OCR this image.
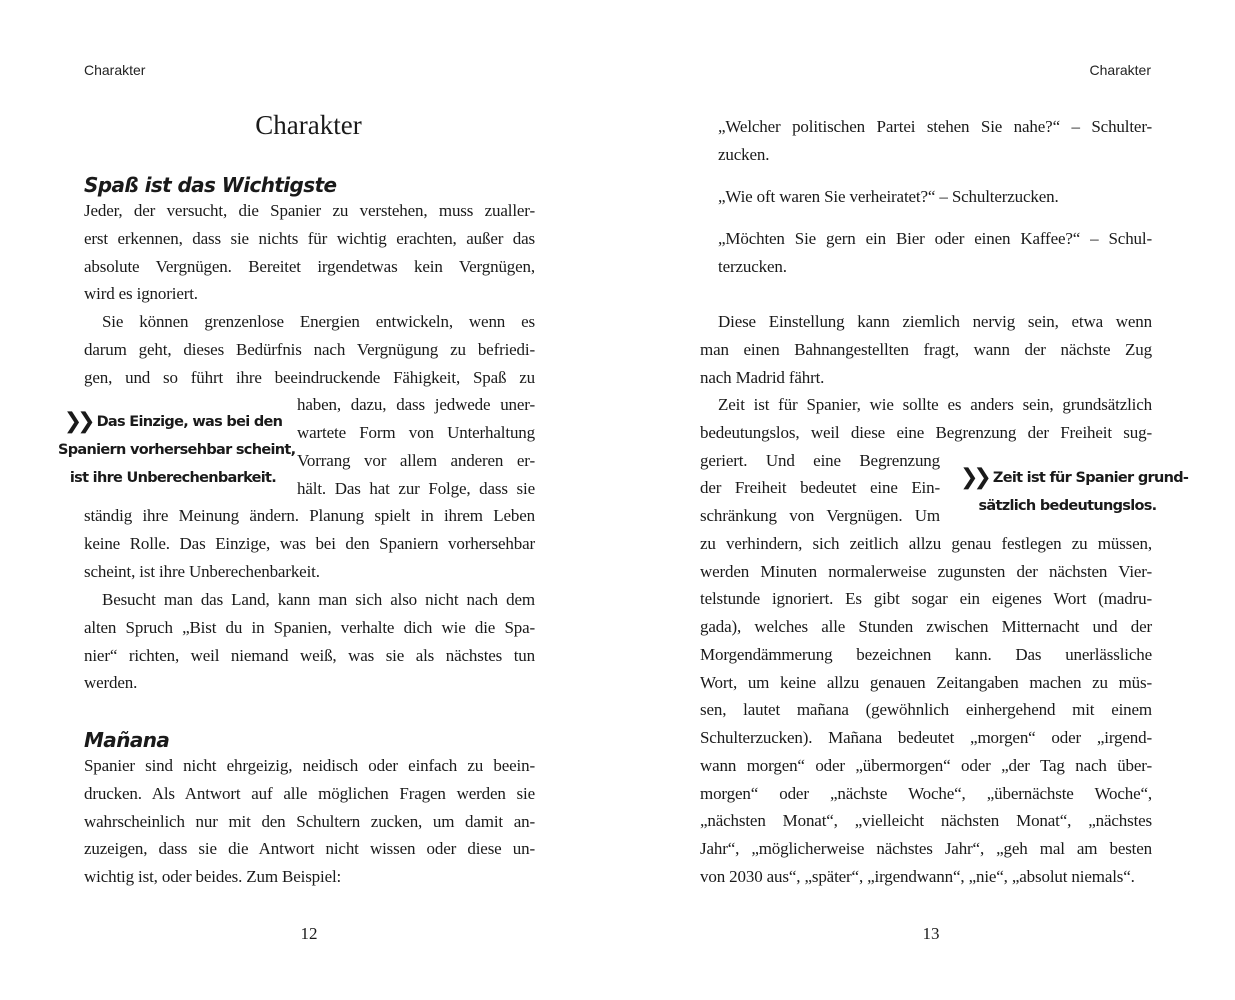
Charakter
Charakter
Spaß ist das Wichtigste
Mañana
❯❯ Das Einzige, was bei den
Spaniern vorhersehbar scheint,
ist ihre Unberechenbarkeit.
12
Jeder, der versucht, die Spanier zu verstehen, muss zualler-
erst erkennen, dass sie nichts für wichtig erachten, außer das
absolute Vergnügen. Bereitet irgendetwas kein Vergnügen,
wird es ignoriert.
Sie können grenzenlose Energien entwickeln, wenn es
darum geht, dieses Bedürfnis nach Vergnügung zu befriedi-
gen, und so führt ihre beeindruckende Fähigkeit, Spaß zu
haben, dazu, dass jedwede uner-
wartete Form von Unterhaltung
Vorrang vor allem anderen er-
hält. Das hat zur Folge, dass sie
ständig ihre Meinung ändern. Planung spielt in ihrem Leben
keine Rolle. Das Einzige, was bei den Spaniern vorhersehbar
scheint, ist ihre Unberechenbarkeit.
Besucht man das Land, kann man sich also nicht nach dem
alten Spruch „Bist du in Spanien, verhalte dich wie die Spa-
nier“ richten, weil niemand weiß, was sie als nächstes tun
werden.
Spanier sind nicht ehrgeizig, neidisch oder einfach zu beein-
drucken. Als Antwort auf alle möglichen Fragen werden sie
wahrscheinlich nur mit den Schultern zucken, um damit an-
zuzeigen, dass sie die Antwort nicht wissen oder diese un-
wichtig ist, oder beides. Zum Beispiel:
Charakter
❯❯ Zeit ist für Spanier grund-
sätzlich bedeutungslos.
13
„Welcher politischen Partei stehen Sie nahe?“ – Schulter-
zucken.
„Wie oft waren Sie verheiratet?“ – Schulterzucken.
„Möchten Sie gern ein Bier oder einen Kaffee?“ – Schul-
terzucken.
Diese Einstellung kann ziemlich nervig sein, etwa wenn
man einen Bahnangestellten fragt, wann der nächste Zug
nach Madrid fährt.
Zeit ist für Spanier, wie sollte es anders sein, grundsätzlich
bedeutungslos, weil diese eine Begrenzung der Freiheit sug-
geriert. Und eine Begrenzung
der Freiheit bedeutet eine Ein-
schränkung von Vergnügen. Um
zu verhindern, sich zeitlich allzu genau festlegen zu müssen,
werden Minuten normalerweise zugunsten der nächsten Vier-
telstunde ignoriert. Es gibt sogar ein eigenes Wort (madru-
gada), welches alle Stunden zwischen Mitternacht und der
Morgendämmerung bezeichnen kann. Das unerlässliche
Wort, um keine allzu genauen Zeitangaben machen zu müs-
sen, lautet mañana (gewöhnlich einhergehend mit einem
Schulterzucken). Mañana bedeutet „morgen“ oder „irgend-
wann morgen“ oder „übermorgen“ oder „der Tag nach über-
morgen“ oder „nächste Woche“, „übernächste Woche“,
„nächsten Monat“, „vielleicht nächsten Monat“, „nächstes
Jahr“, „möglicherweise nächstes Jahr“, „geh mal am besten
von 2030 aus“, „später“, „irgendwann“, „nie“, „absolut niemals“.
